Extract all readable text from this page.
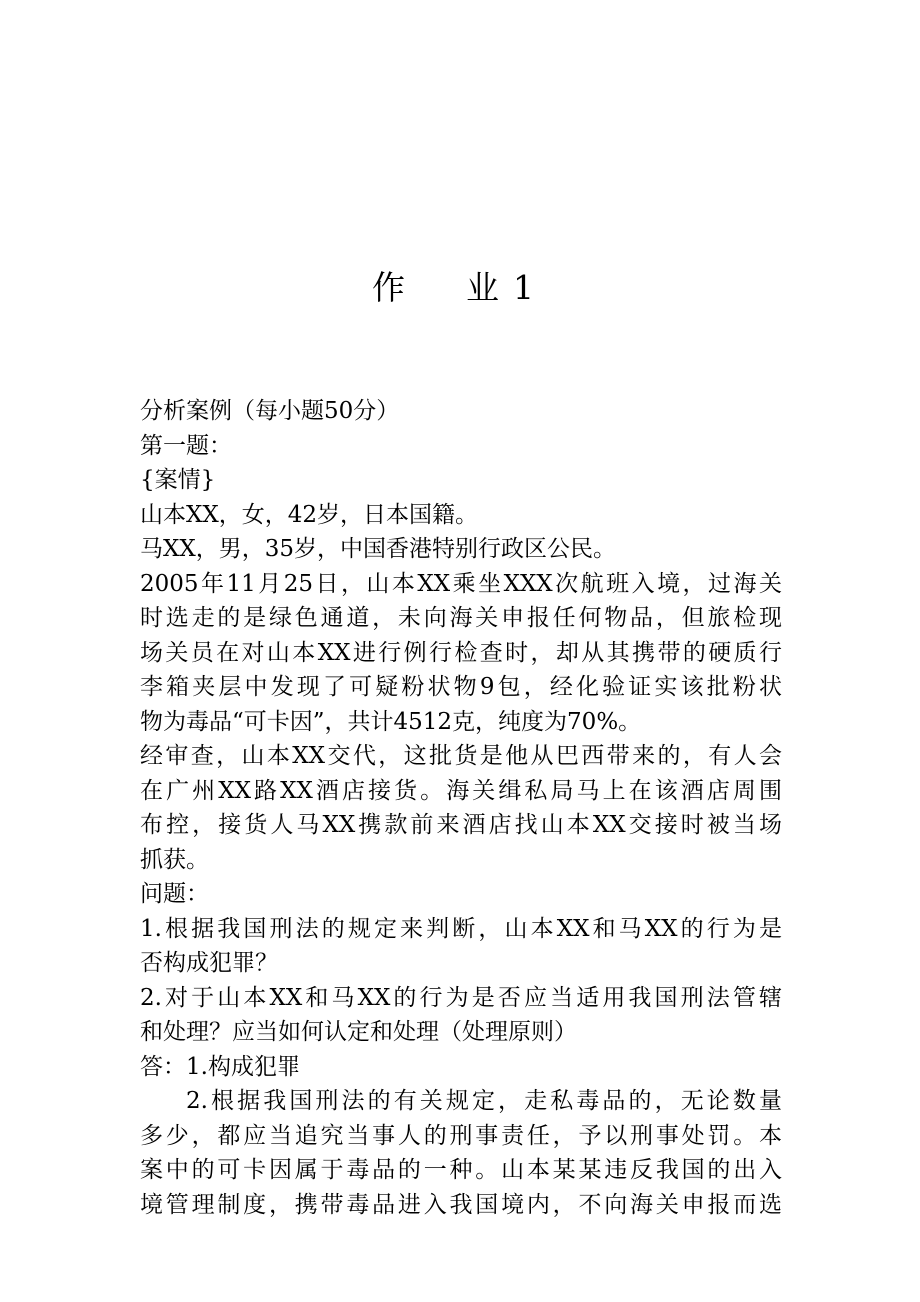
作　业1
分析案例（每小题50分）
第一题：
{案情}
山本XX，女，42岁，日本国籍。
马XX，男，35岁，中国香港特别行政区公民。
2005年11月25日，山本XX乘坐XXX次航班入境，过海关
时选走的是绿色通道，未向海关申报任何物品，但旅检现
场关员在对山本XX进行例行检查时，却从其携带的硬质行
李箱夹层中发现了可疑粉状物9包，经化验证实该批粉状
物为毒品“可卡因”，共计4512克，纯度为70%。
经审查，山本XX交代，这批货是他从巴西带来的，有人会
在广州XX路XX酒店接货。海关缉私局马上在该酒店周围
布控，接货人马XX携款前来酒店找山本XX交接时被当场
抓获。
问题：
1.根据我国刑法的规定来判断，山本XX和马XX的行为是
否构成犯罪？
2.对于山本XX和马XX的行为是否应当适用我国刑法管辖
和处理？应当如何认定和处理（处理原则）
答：1.构成犯罪
2.根据我国刑法的有关规定，走私毒品的，无论数量
多少，都应当追究当事人的刑事责任，予以刑事处罚。本
案中的可卡因属于毒品的一种。山本某某违反我国的出入
境管理制度，携带毒品进入我国境内，不向海关申报而选
